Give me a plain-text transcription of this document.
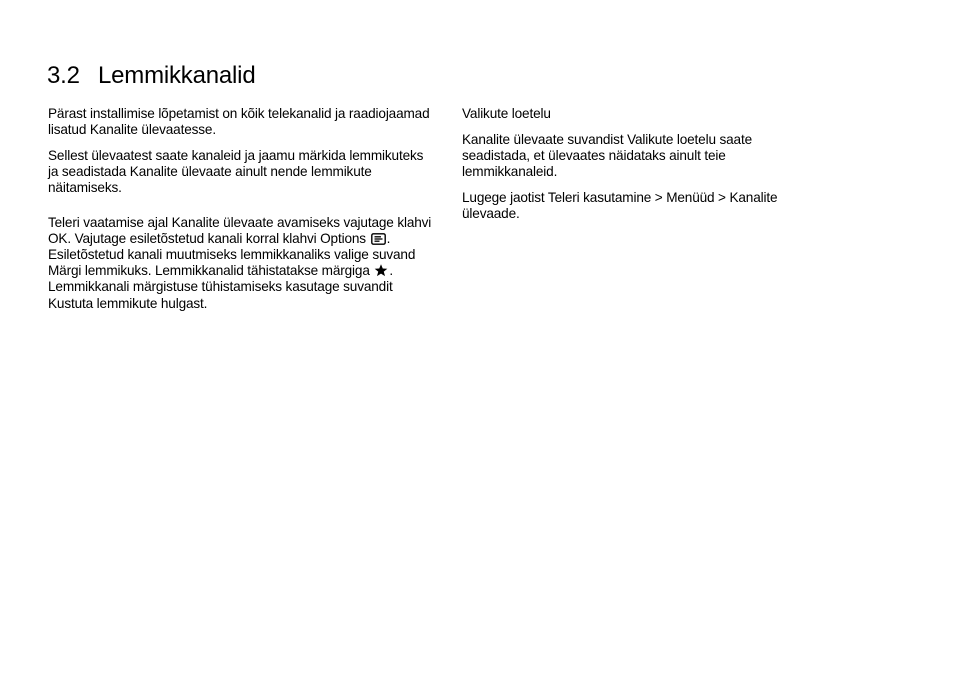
3.2 Lemmikkanalid

Pärast installimise lõpetamist on kõik telekanalid ja raadiojaamad lisatud Kanalite ülevaatesse.

Sellest ülevaatest saate kanaleid ja jaamu märkida lemmikuteks ja seadistada Kanalite ülevaate ainult nende lemmikute näitamiseks.

Teleri vaatamise ajal Kanalite ülevaate avamiseks vajutage klahvi OK. Vajutage esiletõstetud kanali korral klahvi Options . Esiletõstetud kanali muutmiseks lemmikkanaliks valige suvand Märgi lemmikuks. Lemmikkanalid tähistatakse märgiga . Lemmikkanali märgistuse tühistamiseks kasutage suvandit Kustuta lemmikute hulgast.

Valikute loetelu

Kanalite ülevaate suvandist Valikute loetelu saate seadistada, et ülevaates näidataks ainult teie lemmikkanaleid.

Lugege jaotist Teleri kasutamine > Menüüd > Kanalite ülevaade.
